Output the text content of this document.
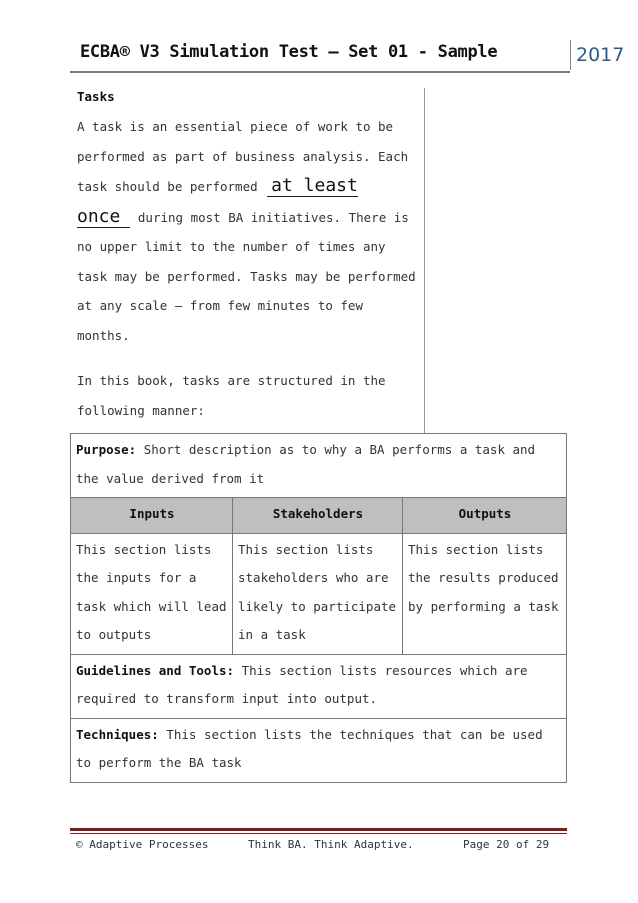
ECBA® V3 Simulation Test – Set 01 - Sample	2017
Tasks
A task is an essential piece of work to be performed as part of business analysis. Each task should be performed at least once during most BA initiatives. There is no upper limit to the number of times any task may be performed. Tasks may be performed at any scale – from few minutes to few months.
In this book, tasks are structured in the following manner:
Purpose: Short description as to why a BA performs a task and the value derived from it		
Inputs	Stakeholders	Outputs
This section lists the inputs for a task which will lead to outputs	This section lists stakeholders who are likely to participate in a task	This section lists the results produced by performing a task
Guidelines and Tools: This section lists resources which are required to transform input into output.		
Techniques: This section lists the techniques that can be used to perform the BA task		
© Adaptive Processes	Think BA. Think Adaptive.	Page 20 of 29
